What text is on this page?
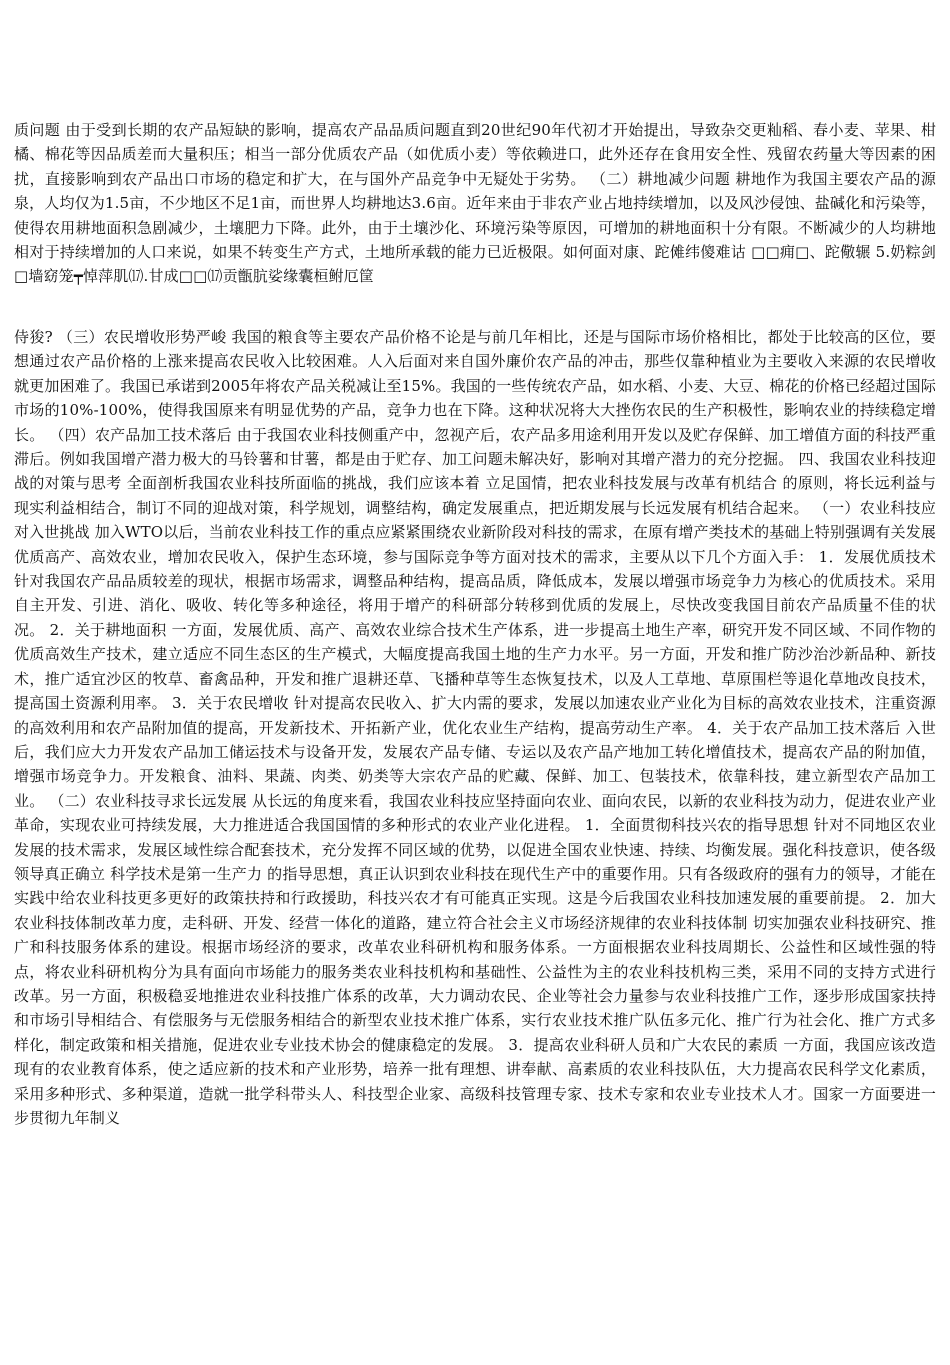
质问题 由于受到长期的农产品短缺的影响，提高农产品品质问题直到20世纪90年代初才开始提出，导致杂交更籼稻、春小麦、苹果、柑橘、棉花等因品质差而大量积压；相当一部分优质农产品（如优质小麦）等依赖进口，此外还存在食用安全性、残留农药量大等因素的困扰，直接影响到农产品出口市场的稳定和扩大，在与国外产品竞争中无疑处于劣势。 （二）耕地减少问题 耕地作为我国主要农产品的源泉，人均仅为1.5亩，不少地区不足1亩，而世界人均耕地达3.6亩。近年来由于非农产业占地持续增加，以及风沙侵蚀、盐碱化和污染等，使得农用耕地面积急剧减少，土壤肥力下降。此外，由于土壤沙化、环境污染等原因，可增加的耕地面积十分有限。不断减少的人均耕地相对于持续增加的人口来说，如果不转变生产方式，土地所承载的能力已近极限。如何面对康、跎傩纬傻难诂 □□痈□、跎儆辗 5.奶粽剑□墙窈笼┯悼萍肌⒄.甘成□□⒄贡甑肮娑缘囊桓鲋厄筐

侍狻? （三）农民增收形势严峻 我国的粮食等主要农产品价格不论是与前几年相比，还是与国际市场价格相比，都处于比较高的区位，要想通过农产品价格的上涨来提高农民收入比较困难。人入后面对来自国外廉价农产品的冲击，那些仅靠种植业为主要收入来源的农民增收就更加困难了。我国已承诺到2005年将农产品关税减让至15%。我国的一些传统农产品，如水稻、小麦、大豆、棉花的价格已经超过国际市场的10%-100%，使得我国原来有明显优势的产品，竞争力也在下降。这种状况将大大挫伤农民的生产积极性，影响农业的持续稳定增长。 （四）农产品加工技术落后 由于我国农业科技侧重产中，忽视产后，农产品多用途利用开发以及贮存保鲜、加工增值方面的科技严重滞后。例如我国增产潜力极大的马铃薯和甘薯，都是由于贮存、加工问题未解决好，影响对其增产潜力的充分挖掘。 四、我国农业科技迎战的对策与思考 全面剖析我国农业科技所面临的挑战，我们应该本着 立足国情，把农业科技发展与改革有机结合 的原则，将长远利益与现实利益相结合，制订不同的迎战对策，科学规划，调整结构，确定发展重点，把近期发展与长远发展有机结合起来。 （一）农业科技应对入世挑战 加入WTO以后，当前农业科技工作的重点应紧紧围绕农业新阶段对科技的需求，在原有增产类技术的基础上特别强调有关发展优质高产、高效农业，增加农民收入，保护生态环境，参与国际竞争等方面对技术的需求，主要从以下几个方面入手： 1．发展优质技术 针对我国农产品品质较差的现状，根据市场需求，调整品种结构，提高品质，降低成本，发展以增强市场竞争力为核心的优质技术。采用自主开发、引进、消化、吸收、转化等多种途径，将用于增产的科研部分转移到优质的发展上，尽快改变我国目前农产品质量不佳的状况。 2．关于耕地面积 一方面，发展优质、高产、高效农业综合技术生产体系，进一步提高土地生产率，研究开发不同区域、不同作物的优质高效生产技术，建立适应不同生态区的生产模式，大幅度提高我国土地的生产力水平。另一方面，开发和推广防沙治沙新品种、新技术，推广适宜沙区的牧草、畜禽品种，开发和推广退耕还草、飞播种草等生态恢复技术，以及人工草地、草原围栏等退化草地改良技术，提高国土资源利用率。 3．关于农民增收 针对提高农民收入、扩大内需的要求，发展以加速农业产业化为目标的高效农业技术，注重资源的高效利用和农产品附加值的提高，开发新技术、开拓新产业，优化农业生产结构，提高劳动生产率。 4．关于农产品加工技术落后 入世后，我们应大力开发农产品加工储运技术与设备开发，发展农产品专储、专运以及农产品产地加工转化增值技术，提高农产品的附加值，增强市场竞争力。开发粮食、油料、果蔬、肉类、奶类等大宗农产品的贮藏、保鲜、加工、包装技术，依靠科技，建立新型农产品加工业。 （二）农业科技寻求长远发展 从长远的角度来看，我国农业科技应坚持面向农业、面向农民，以新的农业科技为动力，促进农业产业革命，实现农业可持续发展，大力推进适合我国国情的多种形式的农业产业化进程。 1．全面贯彻科技兴农的指导思想 针对不同地区农业发展的技术需求，发展区域性综合配套技术，充分发挥不同区域的优势，以促进全国农业快速、持续、均衡发展。强化科技意识，使各级领导真正确立 科学技术是第一生产力 的指导思想，真正认识到农业科技在现代生产中的重要作用。只有各级政府的强有力的领导，才能在实践中给农业科技更多更好的政策扶持和行政援助，科技兴农才有可能真正实现。这是今后我国农业科技加速发展的重要前提。 2．加大农业科技体制改革力度，走科研、开发、经营一体化的道路，建立符合社会主义市场经济规律的农业科技体制 切实加强农业科技研究、推广和科技服务体系的建设。根据市场经济的要求，改革农业科研机构和服务体系。一方面根据农业科技周期长、公益性和区域性强的特点，将农业科研机构分为具有面向市场能力的服务类农业科技机构和基础性、公益性为主的农业科技机构三类，采用不同的支持方式进行改革。另一方面，积极稳妥地推进农业科技推广体系的改革，大力调动农民、企业等社会力量参与农业科技推广工作，逐步形成国家扶持和市场引导相结合、有偿服务与无偿服务相结合的新型农业技术推广体系，实行农业技术推广队伍多元化、推广行为社会化、推广方式多样化，制定政策和相关措施，促进农业专业技术协会的健康稳定的发展。 3．提高农业科研人员和广大农民的素质 一方面，我国应该改造现有的农业教育体系，使之适应新的技术和产业形势，培养一批有理想、讲奉献、高素质的农业科技队伍，大力提高农民科学文化素质，采用多种形式、多种渠道，造就一批学科带头人、科技型企业家、高级科技管理专家、技术专家和农业专业技术人才。国家一方面要进一步贯彻九年制义
